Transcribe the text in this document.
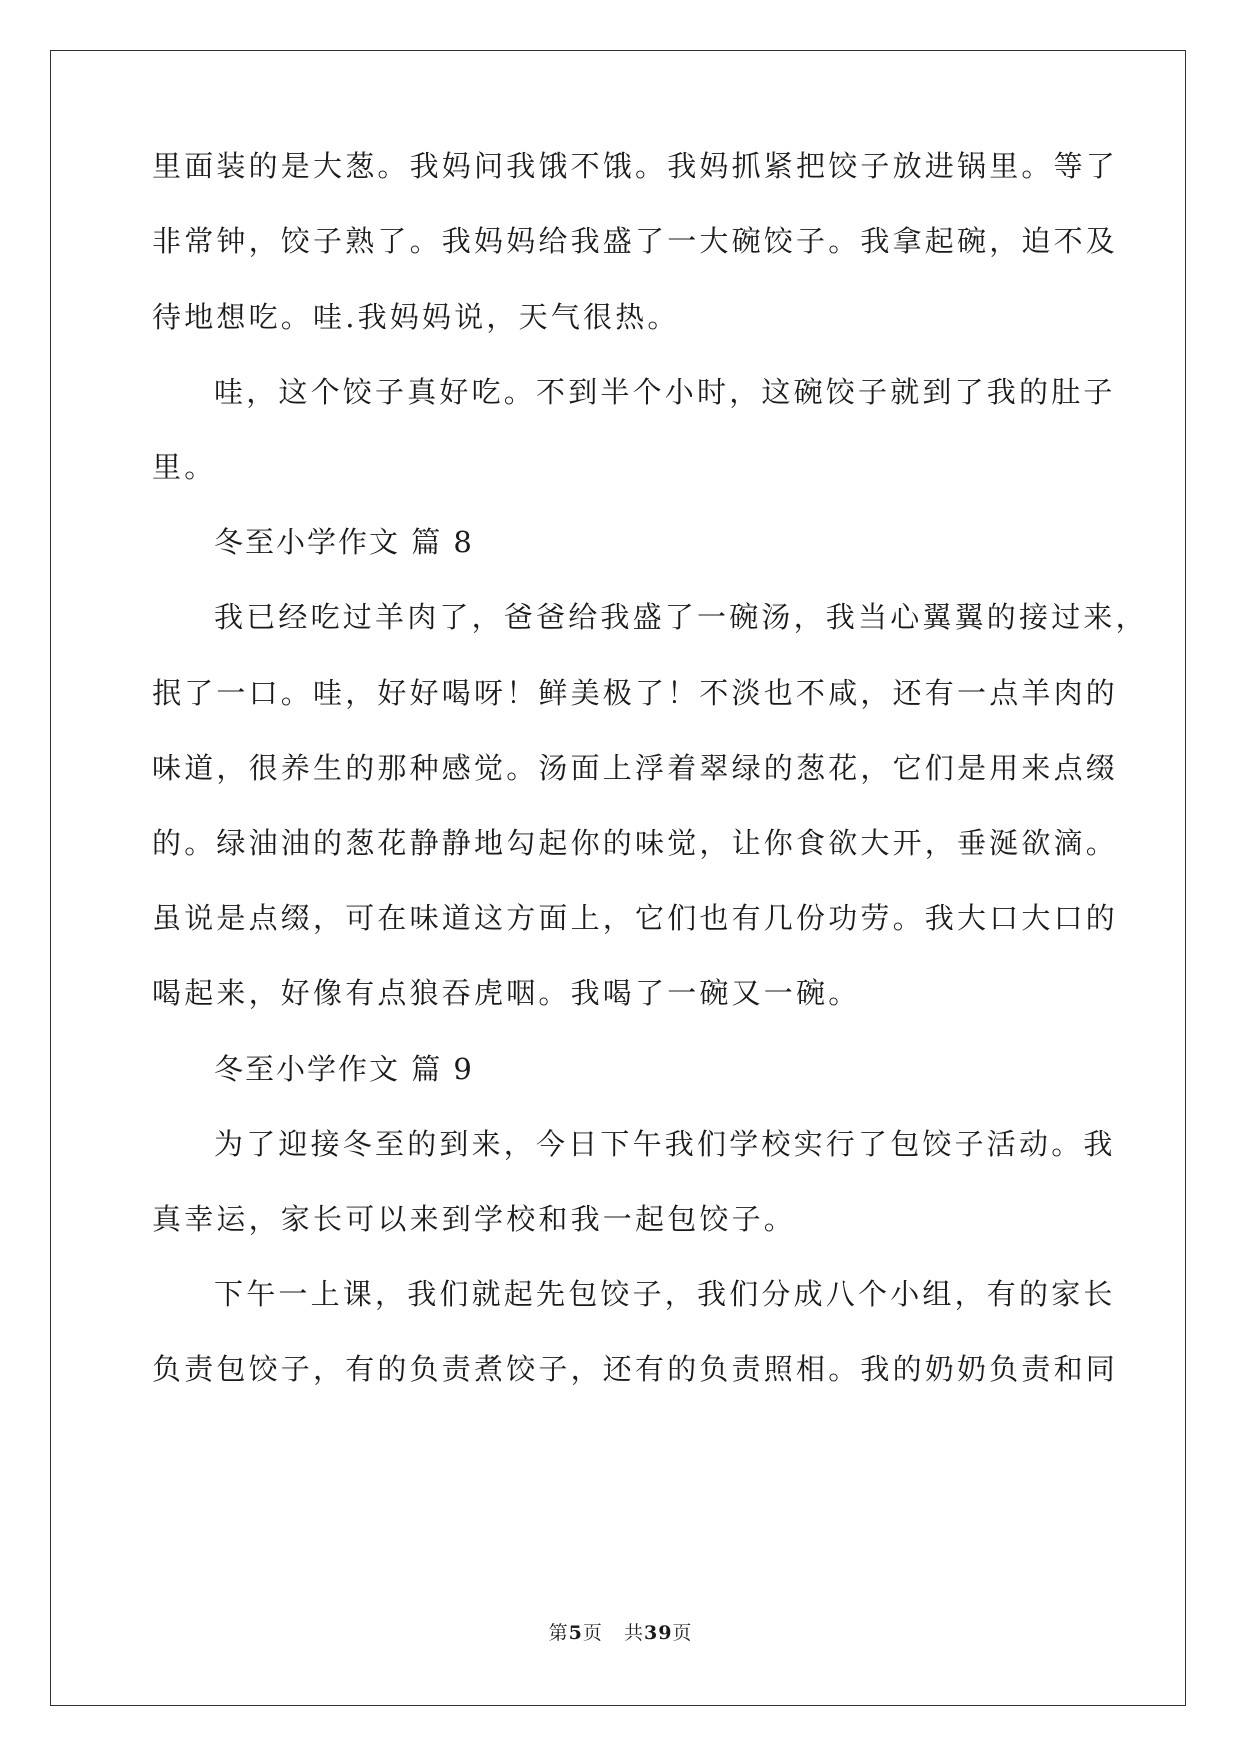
里面装的是大葱。我妈问我饿不饿。我妈抓紧把饺子放进锅里。等了
非常钟，饺子熟了。我妈妈给我盛了一大碗饺子。我拿起碗，迫不及
待地想吃。哇.我妈妈说，天气很热。
哇，这个饺子真好吃。不到半个小时，这碗饺子就到了我的肚子
里。
冬至小学作文 篇 8
我已经吃过羊肉了，爸爸给我盛了一碗汤，我当心翼翼的接过来，
抿了一口。哇，好好喝呀！鲜美极了！不淡也不咸，还有一点羊肉的
味道，很养生的那种感觉。汤面上浮着翠绿的葱花，它们是用来点缀
的。绿油油的葱花静静地勾起你的味觉，让你食欲大开，垂涎欲滴。
虽说是点缀，可在味道这方面上，它们也有几份功劳。我大口大口的
喝起来，好像有点狼吞虎咽。我喝了一碗又一碗。
冬至小学作文 篇 9
为了迎接冬至的到来，今日下午我们学校实行了包饺子活动。我
真幸运，家长可以来到学校和我一起包饺子。
下午一上课，我们就起先包饺子，我们分成八个小组，有的家长
负责包饺子，有的负责煮饺子，还有的负责照相。我的奶奶负责和同
第5页 共39页
